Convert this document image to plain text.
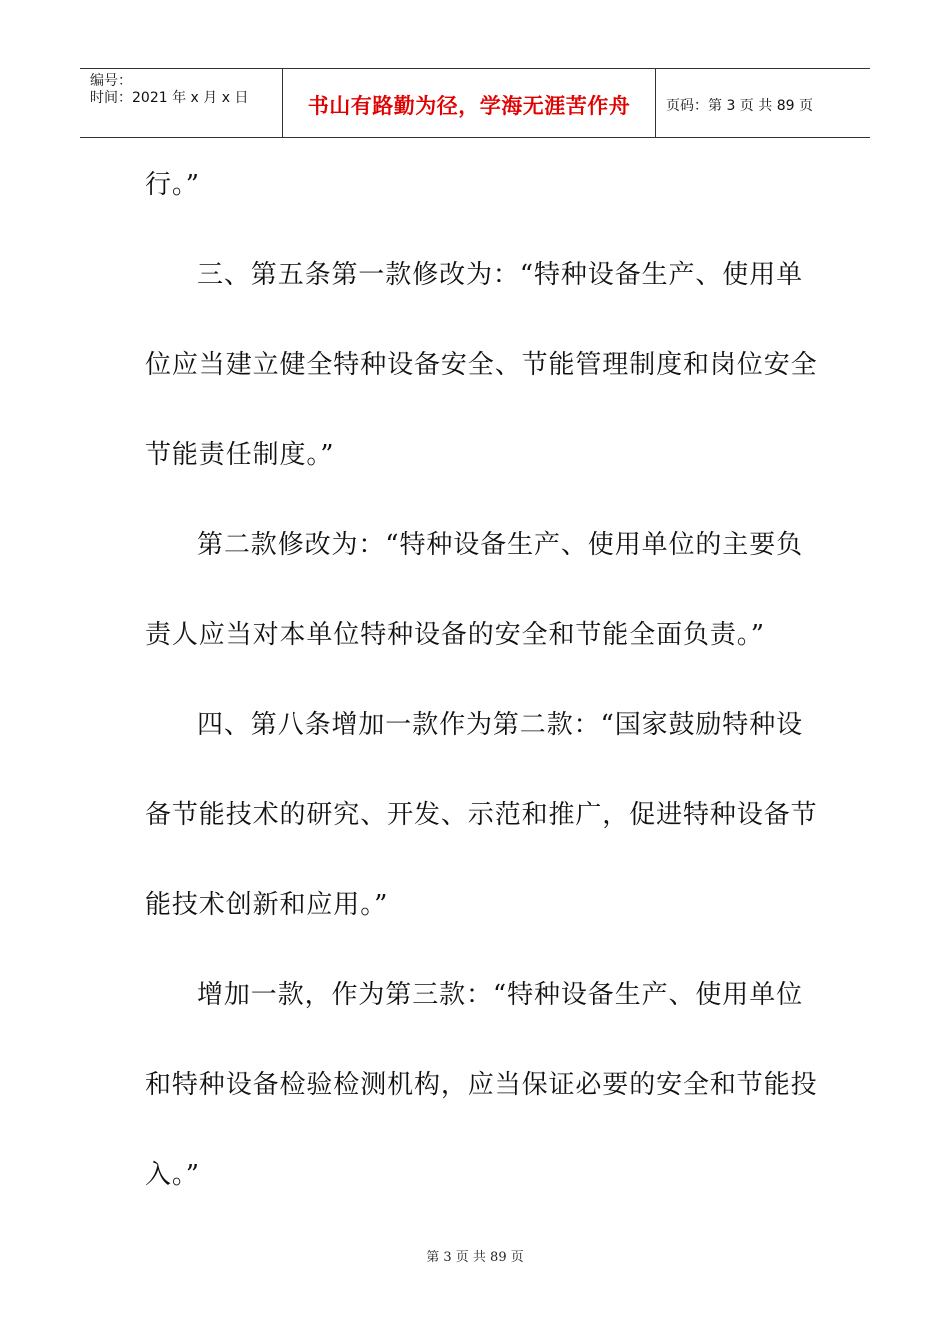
编号：
时间：2021 年 x 月 x 日	书山有路勤为径，学海无涯苦作舟	页码：第 3 页 共 89 页

行。”

三、第五条第一款修改为：“特种设备生产、使用单

位应当建立健全特种设备安全、节能管理制度和岗位安全

节能责任制度。”

第二款修改为：“特种设备生产、使用单位的主要负

责人应当对本单位特种设备的安全和节能全面负责。”

四、第八条增加一款作为第二款：“国家鼓励特种设

备节能技术的研究、开发、示范和推广，促进特种设备节

能技术创新和应用。”

增加一款，作为第三款：“特种设备生产、使用单位

和特种设备检验检测机构，应当保证必要的安全和节能投

入。”

第 3 页 共 89 页
